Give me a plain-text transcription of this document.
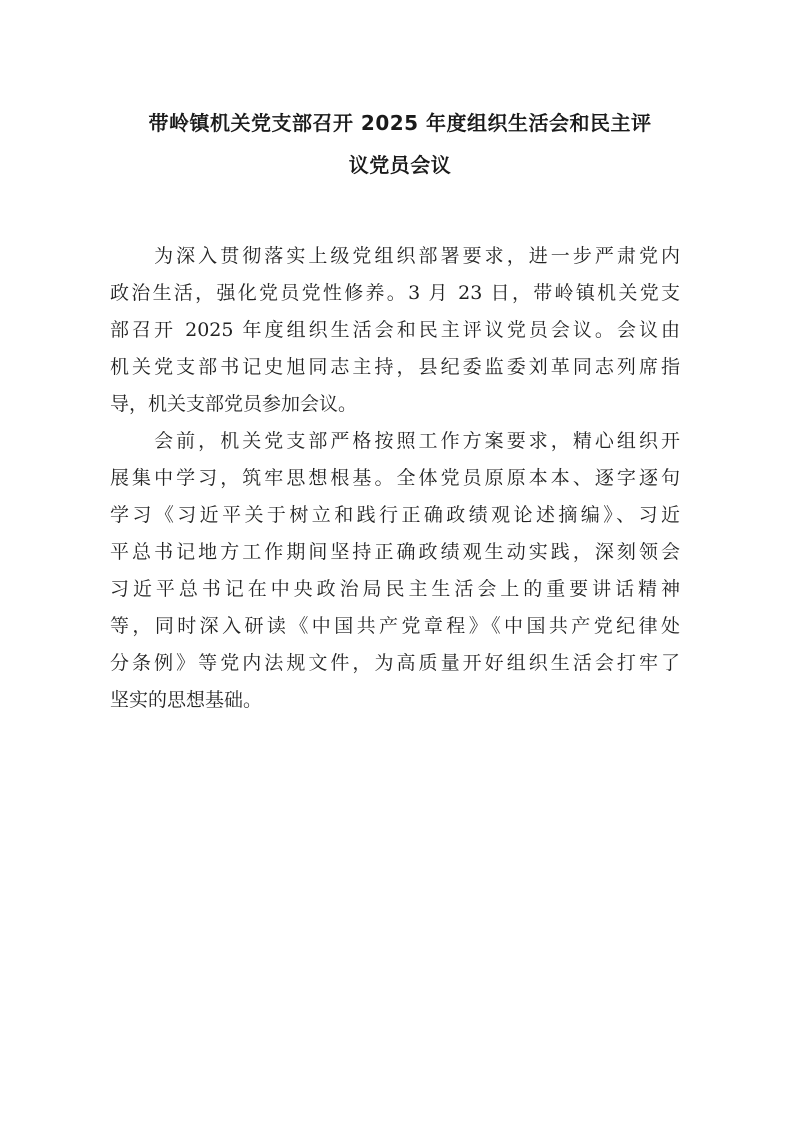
带岭镇机关党支部召开 2025 年度组织生活会和民主评
议党员会议

　　为深入贯彻落实上级党组织部署要求，进一步严肃党内
政治生活，强化党员党性修养。3 月 23 日，带岭镇机关党支
部召开 2025 年度组织生活会和民主评议党员会议。会议由
机关党支部书记史旭同志主持，县纪委监委刘革同志列席指
导，机关支部党员参加会议。

　　会前，机关党支部严格按照工作方案要求，精心组织开
展集中学习，筑牢思想根基。全体党员原原本本、逐字逐句
学习《习近平关于树立和践行正确政绩观论述摘编》、习近
平总书记地方工作期间坚持正确政绩观生动实践，深刻领会
习近平总书记在中央政治局民主生活会上的重要讲话精神
等，同时深入研读《中国共产党章程》《中国共产党纪律处
分条例》等党内法规文件，为高质量开好组织生活会打牢了
坚实的思想基础。
